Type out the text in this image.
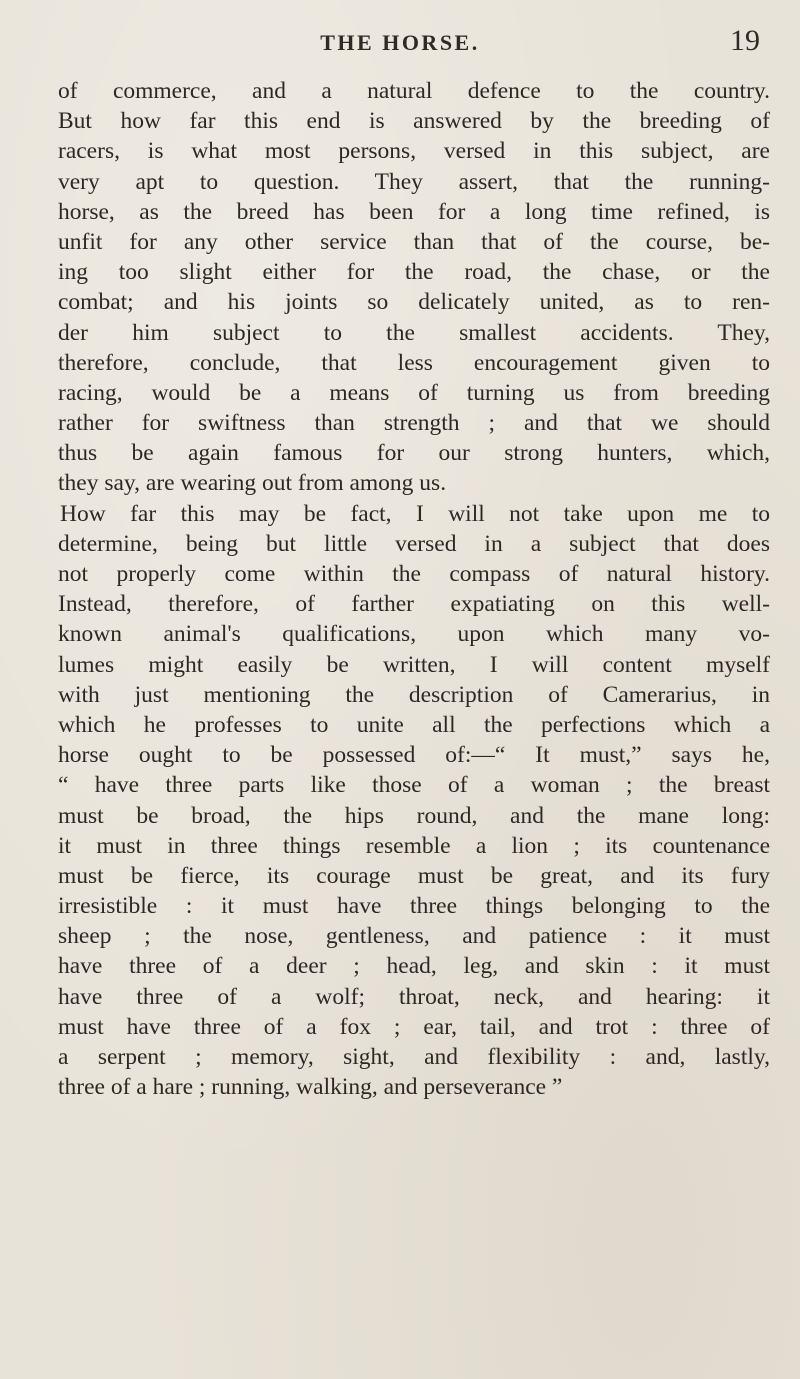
THE HORSE.	19
of commerce, and a natural defence to the country.
But how far this end is answered by the breeding of
racers, is what most persons, versed in this subject, are
very apt to question. They assert, that the running-
horse, as the breed has been for a long time refined, is
unfit for any other service than that of the course, be-
ing too slight either for the road, the chase, or the
combat; and his joints so delicately united, as to ren-
der him subject to the smallest accidents. They,
therefore, conclude, that less encouragement given to
racing, would be a means of turning us from breeding
rather for swiftness than strength ; and that we should
thus be again famous for our strong hunters, which,
they say, are wearing out from among us.
How far this may be fact, I will not take upon me to
determine, being but little versed in a subject that does
not properly come within the compass of natural history.
Instead, therefore, of farther expatiating on this well-
known animal's qualifications, upon which many vo-
lumes might easily be written, I will content myself
with just mentioning the description of Camerarius, in
which he professes to unite all the perfections which a
horse ought to be possessed of:—“ It must,” says he,
“ have three parts like those of a woman ; the breast
must be broad, the hips round, and the mane long:
it must in three things resemble a lion ; its countenance
must be fierce, its courage must be great, and its fury
irresistible : it must have three things belonging to the
sheep ; the nose, gentleness, and patience : it must
have three of a deer ; head, leg, and skin : it must
have three of a wolf; throat, neck, and hearing: it
must have three of a fox ; ear, tail, and trot : three of
a serpent ; memory, sight, and flexibility : and, lastly,
three of a hare ; running, walking, and perseverance ”
